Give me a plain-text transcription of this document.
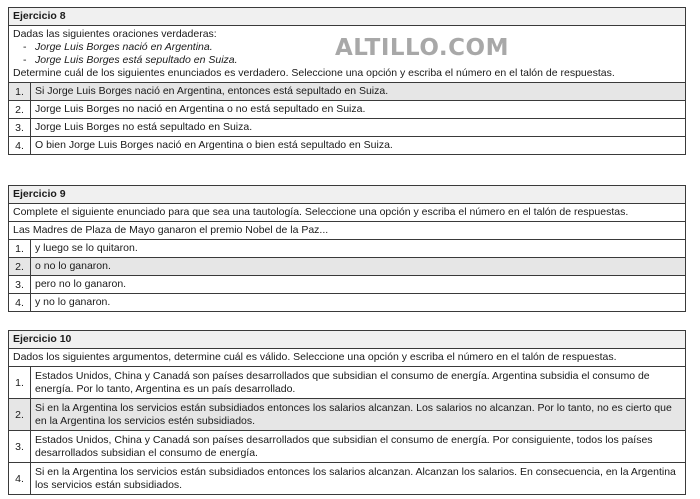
ALTILLO.COM
Ejercicio 8
Dadas las siguientes oraciones verdaderas:
- Jorge Luis Borges nació en Argentina.
- Jorge Luis Borges está sepultado en Suiza.
Determine cuál de los siguientes enunciados es verdadero. Seleccione una opción y escriba el número en el talón de respuestas.
1.	Si Jorge Luis Borges nació en Argentina, entonces está sepultado en Suiza.
2.	Jorge Luis Borges no nació en Argentina o no está sepultado en Suiza.
3.	Jorge Luis Borges no está sepultado en Suiza.
4.	O bien Jorge Luis Borges nació en Argentina o bien está sepultado en Suiza.
Ejercicio 9
Complete el siguiente enunciado para que sea una tautología. Seleccione una opción y escriba el número en el talón de respuestas.
Las Madres de Plaza de Mayo ganaron el premio Nobel de la Paz...
1.	y luego se lo quitaron.
2.	o no lo ganaron.
3.	pero no lo ganaron.
4.	y no lo ganaron.
Ejercicio 10
Dados los siguientes argumentos, determine cuál es válido. Seleccione una opción y escriba el número en el talón de respuestas.
1.
Estados Unidos, China y Canadá son países desarrollados que subsidian el consumo de energía. Argentina subsidia el consumo de energía. Por lo tanto, Argentina es un país desarrollado.
2.
Si en la Argentina los servicios están subsidiados entonces los salarios alcanzan. Los salarios no alcanzan. Por lo tanto, no es cierto que en la Argentina los servicios estén subsidiados.
3.
Estados Unidos, China y Canadá son países desarrollados que subsidian el consumo de energía. Por consiguiente, todos los países desarrollados subsidian el consumo de energía.
4.
Si en la Argentina los servicios están subsidiados entonces los salarios alcanzan. Alcanzan los salarios. En consecuencia, en la Argentina los servicios están subsidiados.
